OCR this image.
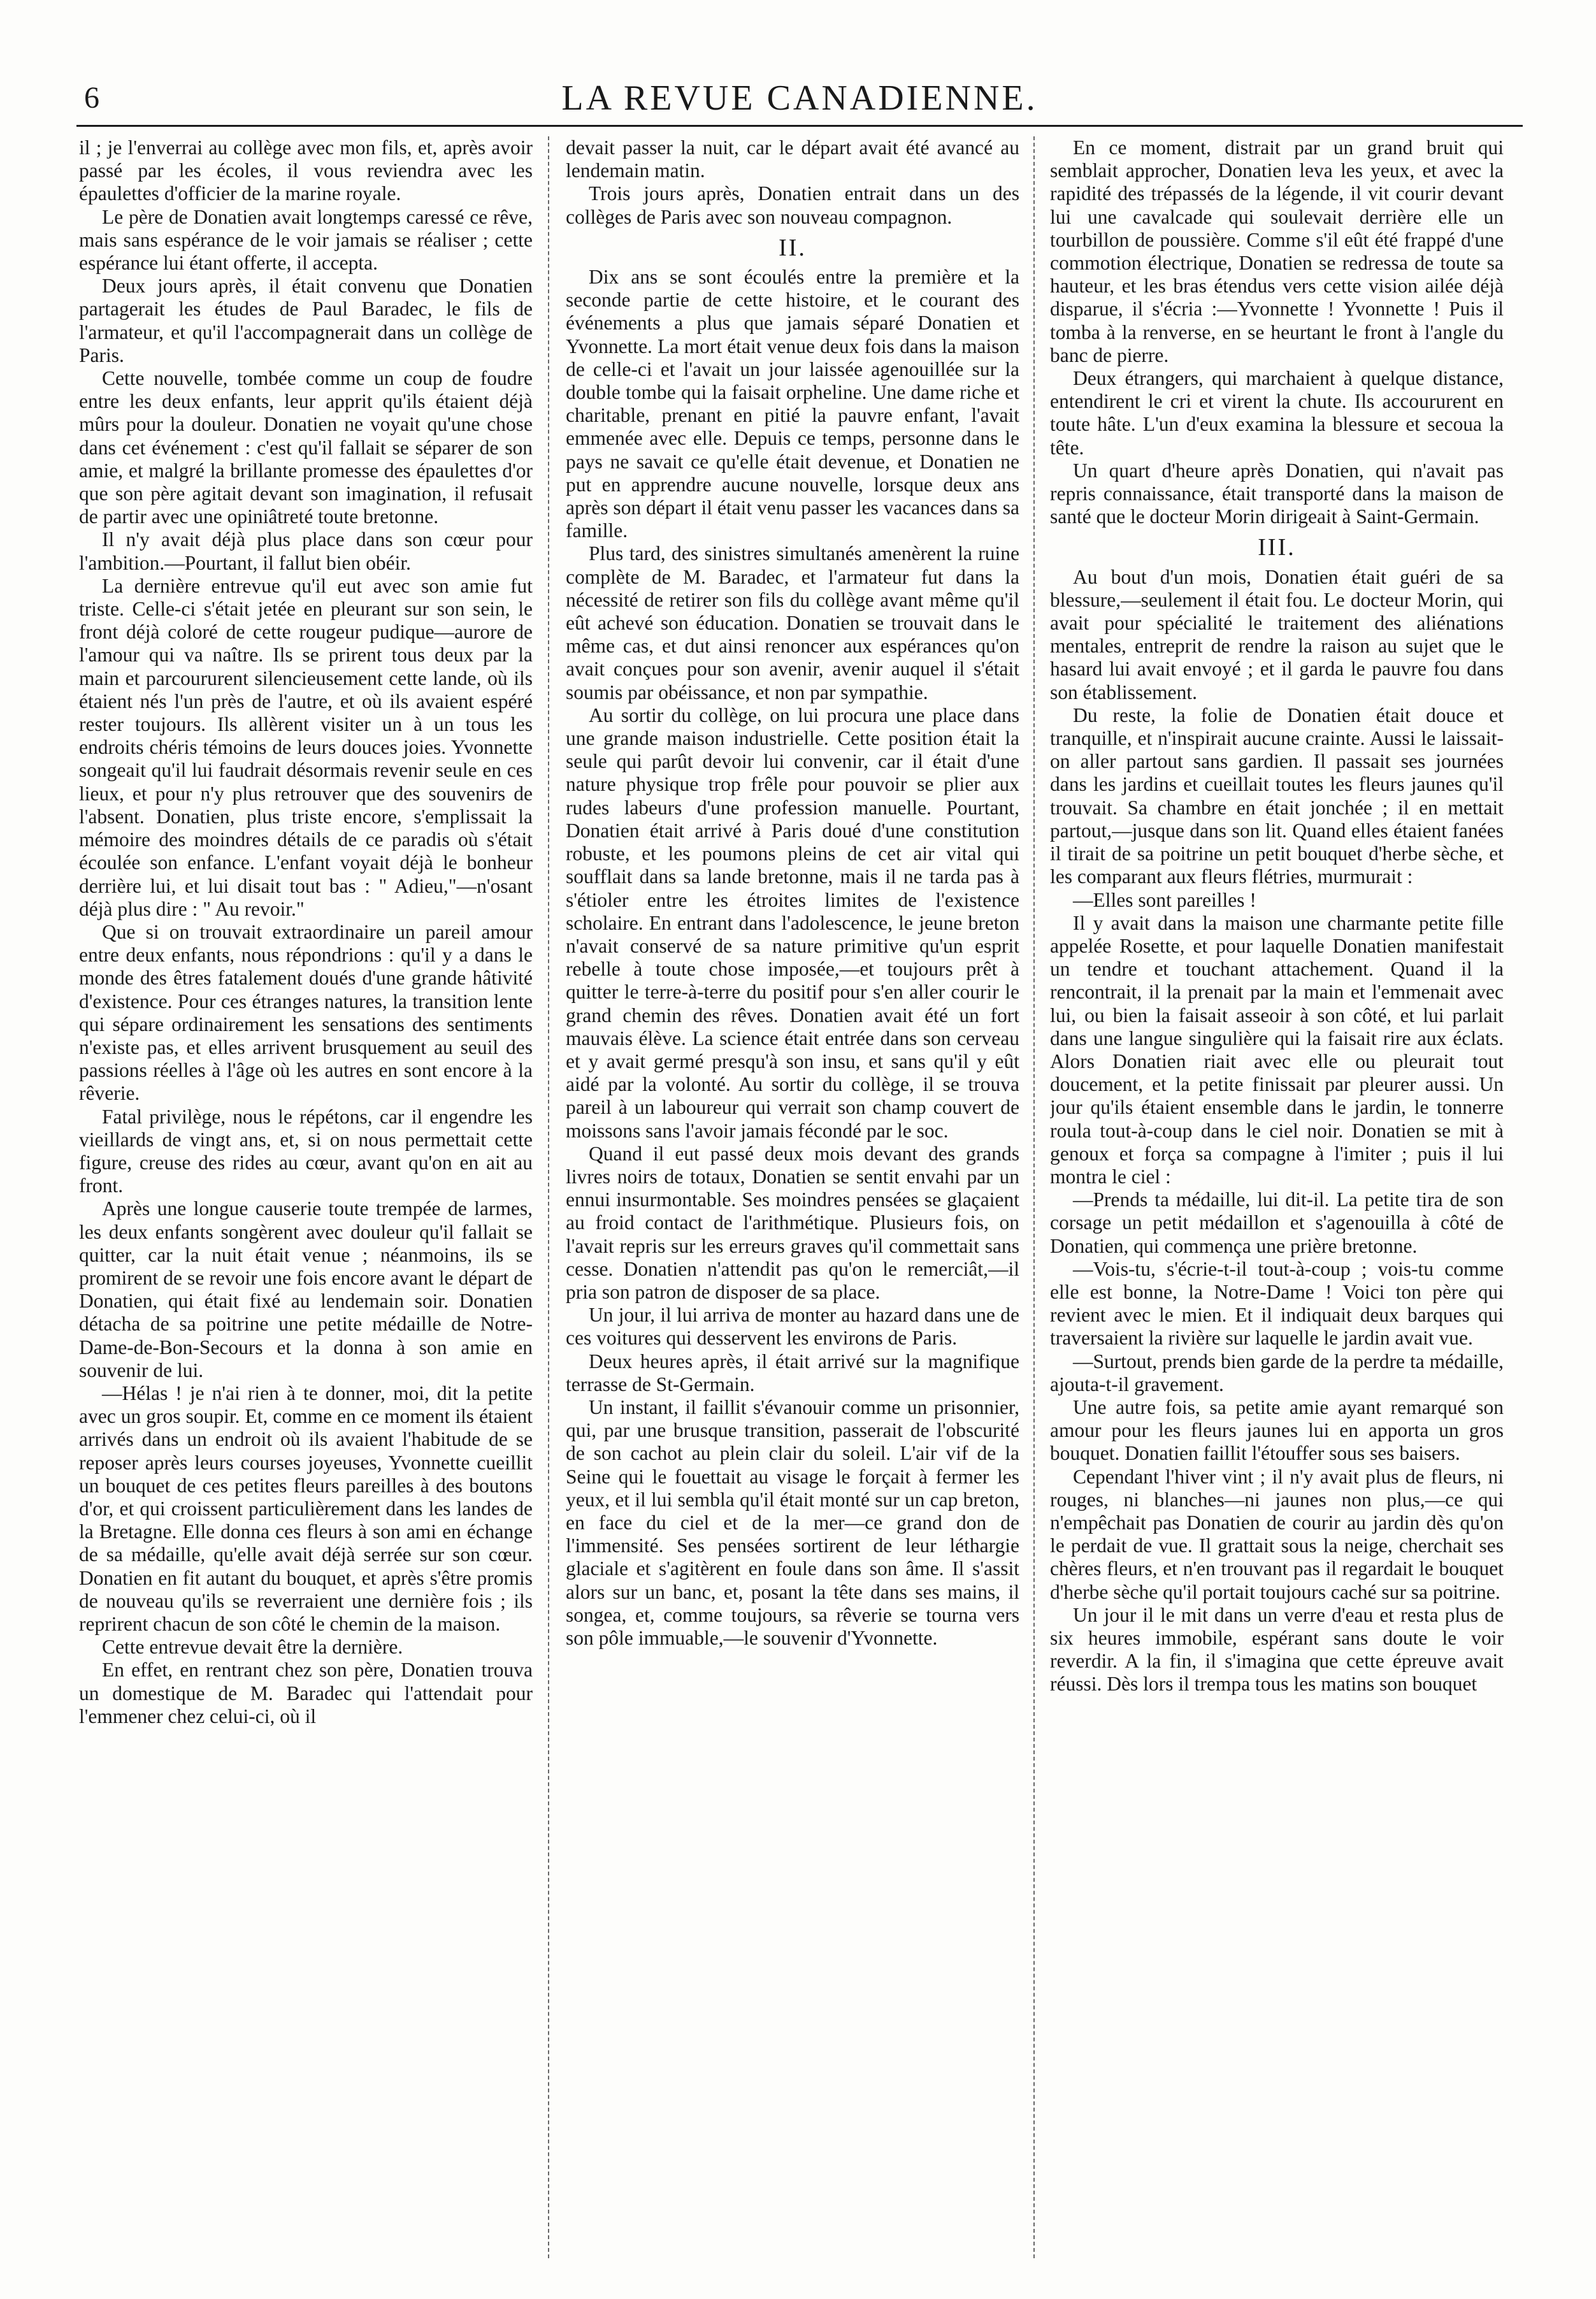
6	LA REVUE CANADIENNE.

il ; je l'enverrai au collège avec mon fils, et, après avoir passé par les écoles, il vous reviendra avec les épaulettes d'officier de la marine royale.

Le père de Donatien avait longtemps caressé ce rêve, mais sans espérance de le voir jamais se réaliser ; cette espérance lui étant offerte, il accepta.

Deux jours après, il était convenu que Donatien partagerait les études de Paul Baradec, le fils de l'armateur, et qu'il l'accompagnerait dans un collège de Paris.

Cette nouvelle, tombée comme un coup de foudre entre les deux enfants, leur apprit qu'ils étaient déjà mûrs pour la douleur. Donatien ne voyait qu'une chose dans cet événement : c'est qu'il fallait se séparer de son amie, et malgré la brillante promesse des épaulettes d'or que son père agitait devant son imagination, il refusait de partir avec une opiniâtreté toute bretonne.

Il n'y avait déjà plus place dans son cœur pour l'ambition.—Pourtant, il fallut bien obéir.

La dernière entrevue qu'il eut avec son amie fut triste. Celle-ci s'était jetée en pleurant sur son sein, le front déjà coloré de cette rougeur pudique—aurore de l'amour qui va naître. Ils se prirent tous deux par la main et parcoururent silencieusement cette lande, où ils étaient nés l'un près de l'autre, et où ils avaient espéré rester toujours. Ils allèrent visiter un à un tous les endroits chéris témoins de leurs douces joies. Yvonnette songeait qu'il lui faudrait désormais revenir seule en ces lieux, et pour n'y plus retrouver que des souvenirs de l'absent. Donatien, plus triste encore, s'emplissait la mémoire des moindres détails de ce paradis où s'était écoulée son enfance. L'enfant voyait déjà le bonheur derrière lui, et lui disait tout bas : " Adieu,"—n'osant déjà plus dire : " Au revoir."

Que si on trouvait extraordinaire un pareil amour entre deux enfants, nous répondrions : qu'il y a dans le monde des êtres fatalement doués d'une grande hâtivité d'existence. Pour ces étranges natures, la transition lente qui sépare ordinairement les sensations des sentiments n'existe pas, et elles arrivent brusquement au seuil des passions réelles à l'âge où les autres en sont encore à la rêverie.

Fatal privilège, nous le répétons, car il engendre les vieillards de vingt ans, et, si on nous permettait cette figure, creuse des rides au cœur, avant qu'on en ait au front.

Après une longue causerie toute trempée de larmes, les deux enfants songèrent avec douleur qu'il fallait se quitter, car la nuit était venue ; néanmoins, ils se promirent de se revoir une fois encore avant le départ de Donatien, qui était fixé au lendemain soir. Donatien détacha de sa poitrine une petite médaille de Notre-Dame-de-Bon-Secours et la donna à son amie en souvenir de lui.

—Hélas ! je n'ai rien à te donner, moi, dit la petite avec un gros soupir. Et, comme en ce moment ils étaient arrivés dans un endroit où ils avaient l'habitude de se reposer après leurs courses joyeuses, Yvonnette cueillit un bouquet de ces petites fleurs pareilles à des boutons d'or, et qui croissent particulièrement dans les landes de la Bretagne. Elle donna ces fleurs à son ami en échange de sa médaille, qu'elle avait déjà serrée sur son cœur. Donatien en fit autant du bouquet, et après s'être promis de nouveau qu'ils se reverraient une dernière fois ; ils reprirent chacun de son côté le chemin de la maison.

Cette entrevue devait être la dernière.

En effet, en rentrant chez son père, Donatien trouva un domestique de M. Baradec qui l'attendait pour l'emmener chez celui-ci, où il

devait passer la nuit, car le départ avait été avancé au lendemain matin.

Trois jours après, Donatien entrait dans un des collèges de Paris avec son nouveau compagnon.

II.

Dix ans se sont écoulés entre la première et la seconde partie de cette histoire, et le courant des événements a plus que jamais séparé Donatien et Yvonnette. La mort était venue deux fois dans la maison de celle-ci et l'avait un jour laissée agenouillée sur la double tombe qui la faisait orpheline. Une dame riche et charitable, prenant en pitié la pauvre enfant, l'avait emmenée avec elle. Depuis ce temps, personne dans le pays ne savait ce qu'elle était devenue, et Donatien ne put en apprendre aucune nouvelle, lorsque deux ans après son départ il était venu passer les vacances dans sa famille.

Plus tard, des sinistres simultanés amenèrent la ruine complète de M. Baradec, et l'armateur fut dans la nécessité de retirer son fils du collège avant même qu'il eût achevé son éducation. Donatien se trouvait dans le même cas, et dut ainsi renoncer aux espérances qu'on avait conçues pour son avenir, avenir auquel il s'était soumis par obéissance, et non par sympathie.

Au sortir du collège, on lui procura une place dans une grande maison industrielle. Cette position était la seule qui parût devoir lui convenir, car il était d'une nature physique trop frêle pour pouvoir se plier aux rudes labeurs d'une profession manuelle. Pourtant, Donatien était arrivé à Paris doué d'une constitution robuste, et les poumons pleins de cet air vital qui soufflait dans sa lande bretonne, mais il ne tarda pas à s'étioler entre les étroites limites de l'existence scholaire. En entrant dans l'adolescence, le jeune breton n'avait conservé de sa nature primitive qu'un esprit rebelle à toute chose imposée,—et toujours prêt à quitter le terre-à-terre du positif pour s'en aller courir le grand chemin des rêves. Donatien avait été un fort mauvais élève. La science était entrée dans son cerveau et y avait germé presqu'à son insu, et sans qu'il y eût aidé par la volonté. Au sortir du collège, il se trouva pareil à un laboureur qui verrait son champ couvert de moissons sans l'avoir jamais fécondé par le soc.

Quand il eut passé deux mois devant des grands livres noirs de totaux, Donatien se sentit envahi par un ennui insurmontable. Ses moindres pensées se glaçaient au froid contact de l'arithmétique. Plusieurs fois, on l'avait repris sur les erreurs graves qu'il commettait sans cesse. Donatien n'attendit pas qu'on le remerciât,—il pria son patron de disposer de sa place.

Un jour, il lui arriva de monter au hazard dans une de ces voitures qui desservent les environs de Paris.

Deux heures après, il était arrivé sur la magnifique terrasse de St-Germain.

Un instant, il faillit s'évanouir comme un prisonnier, qui, par une brusque transition, passerait de l'obscurité de son cachot au plein clair du soleil. L'air vif de la Seine qui le fouettait au visage le forçait à fermer les yeux, et il lui sembla qu'il était monté sur un cap breton, en face du ciel et de la mer—ce grand don de l'immensité. Ses pensées sortirent de leur léthargie glaciale et s'agitèrent en foule dans son âme. Il s'assit alors sur un banc, et, posant la tête dans ses mains, il songea, et, comme toujours, sa rêverie se tourna vers son pôle immuable,—le souvenir d'Yvonnette.

En ce moment, distrait par un grand bruit qui semblait approcher, Donatien leva les yeux, et avec la rapidité des trépassés de la légende, il vit courir devant lui une cavalcade qui soulevait derrière elle un tourbillon de poussière. Comme s'il eût été frappé d'une commotion électrique, Donatien se redressa de toute sa hauteur, et les bras étendus vers cette vision ailée déjà disparue, il s'écria :—Yvonnette ! Yvonnette ! Puis il tomba à la renverse, en se heurtant le front à l'angle du banc de pierre.

Deux étrangers, qui marchaient à quelque distance, entendirent le cri et virent la chute. Ils accoururent en toute hâte. L'un d'eux examina la blessure et secoua la tête.

Un quart d'heure après Donatien, qui n'avait pas repris connaissance, était transporté dans la maison de santé que le docteur Morin dirigeait à Saint-Germain.

III.

Au bout d'un mois, Donatien était guéri de sa blessure,—seulement il était fou. Le docteur Morin, qui avait pour spécialité le traitement des aliénations mentales, entreprit de rendre la raison au sujet que le hasard lui avait envoyé ; et il garda le pauvre fou dans son établissement.

Du reste, la folie de Donatien était douce et tranquille, et n'inspirait aucune crainte. Aussi le laissait-on aller partout sans gardien. Il passait ses journées dans les jardins et cueillait toutes les fleurs jaunes qu'il trouvait. Sa chambre en était jonchée ; il en mettait partout,—jusque dans son lit. Quand elles étaient fanées il tirait de sa poitrine un petit bouquet d'herbe sèche, et les comparant aux fleurs flétries, murmurait :

—Elles sont pareilles !

Il y avait dans la maison une charmante petite fille appelée Rosette, et pour laquelle Donatien manifestait un tendre et touchant attachement. Quand il la rencontrait, il la prenait par la main et l'emmenait avec lui, ou bien la faisait asseoir à son côté, et lui parlait dans une langue singulière qui la faisait rire aux éclats. Alors Donatien riait avec elle ou pleurait tout doucement, et la petite finissait par pleurer aussi. Un jour qu'ils étaient ensemble dans le jardin, le tonnerre roula tout-à-coup dans le ciel noir. Donatien se mit à genoux et força sa compagne à l'imiter ; puis il lui montra le ciel :

—Prends ta médaille, lui dit-il. La petite tira de son corsage un petit médaillon et s'agenouilla à côté de Donatien, qui commença une prière bretonne.

—Vois-tu, s'écrie-t-il tout-à-coup ; vois-tu comme elle est bonne, la Notre-Dame ! Voici ton père qui revient avec le mien. Et il indiquait deux barques qui traversaient la rivière sur laquelle le jardin avait vue.

—Surtout, prends bien garde de la perdre ta médaille, ajouta-t-il gravement.

Une autre fois, sa petite amie ayant remarqué son amour pour les fleurs jaunes lui en apporta un gros bouquet. Donatien faillit l'étouffer sous ses baisers.

Cependant l'hiver vint ; il n'y avait plus de fleurs, ni rouges, ni blanches—ni jaunes non plus,—ce qui n'empêchait pas Donatien de courir au jardin dès qu'on le perdait de vue. Il grattait sous la neige, cherchait ses chères fleurs, et n'en trouvant pas il regardait le bouquet d'herbe sèche qu'il portait toujours caché sur sa poitrine.

Un jour il le mit dans un verre d'eau et resta plus de six heures immobile, espérant sans doute le voir reverdir. A la fin, il s'imagina que cette épreuve avait réussi. Dès lors il trempa tous les matins son bouquet
